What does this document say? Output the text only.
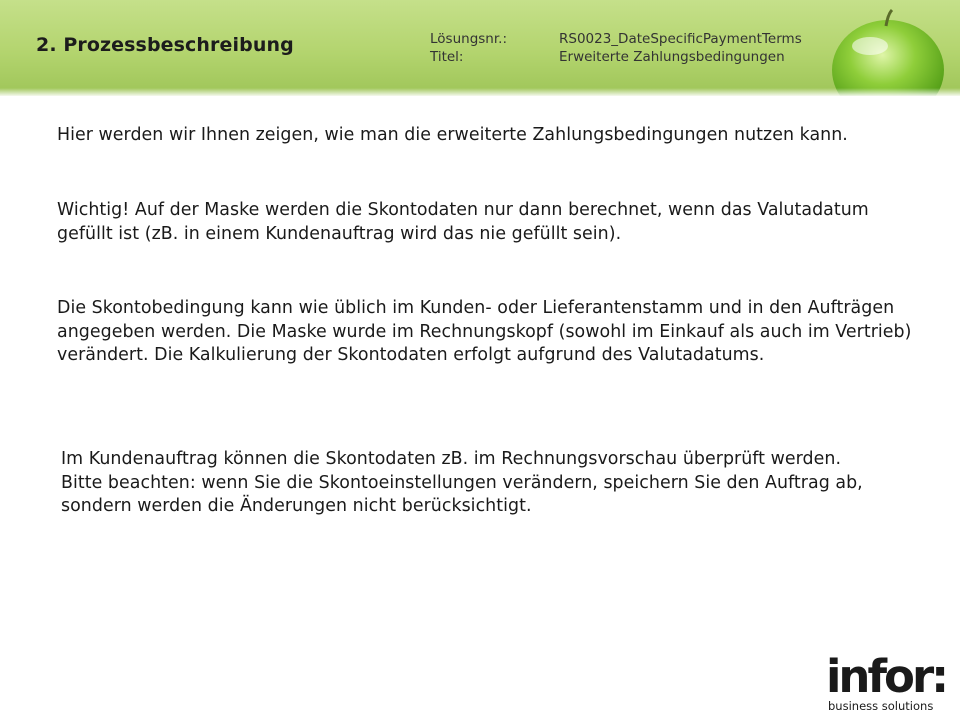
2. Prozessbeschreibung	Lösungsnr.:
Titel:
RS0023_DateSpecificPaymentTerms
Erweiterte Zahlungsbedingungen

Hier werden wir Ihnen zeigen, wie man die erweiterte Zahlungsbedingungen nutzen kann.

Wichtig! Auf der Maske werden die Skontodaten nur dann berechnet, wenn das Valutadatum gefüllt ist (zB. in einem Kundenauftrag wird das nie gefüllt sein).

Die Skontobedingung kann wie üblich im Kunden- oder Lieferantenstamm und in den Aufträgen angegeben werden. Die Maske wurde im Rechnungskopf (sowohl im Einkauf als auch im Vertrieb) verändert. Die Kalkulierung der Skontodaten erfolgt aufgrund des Valutadatums.

Im Kundenauftrag können die Skontodaten zB. im Rechnungsvorschau überprüft werden. Bitte beachten: wenn Sie die Skontoeinstellungen verändern, speichern Sie den Auftrag ab, sondern werden die Änderungen nicht berücksichtigt.

infor:
business solutions
